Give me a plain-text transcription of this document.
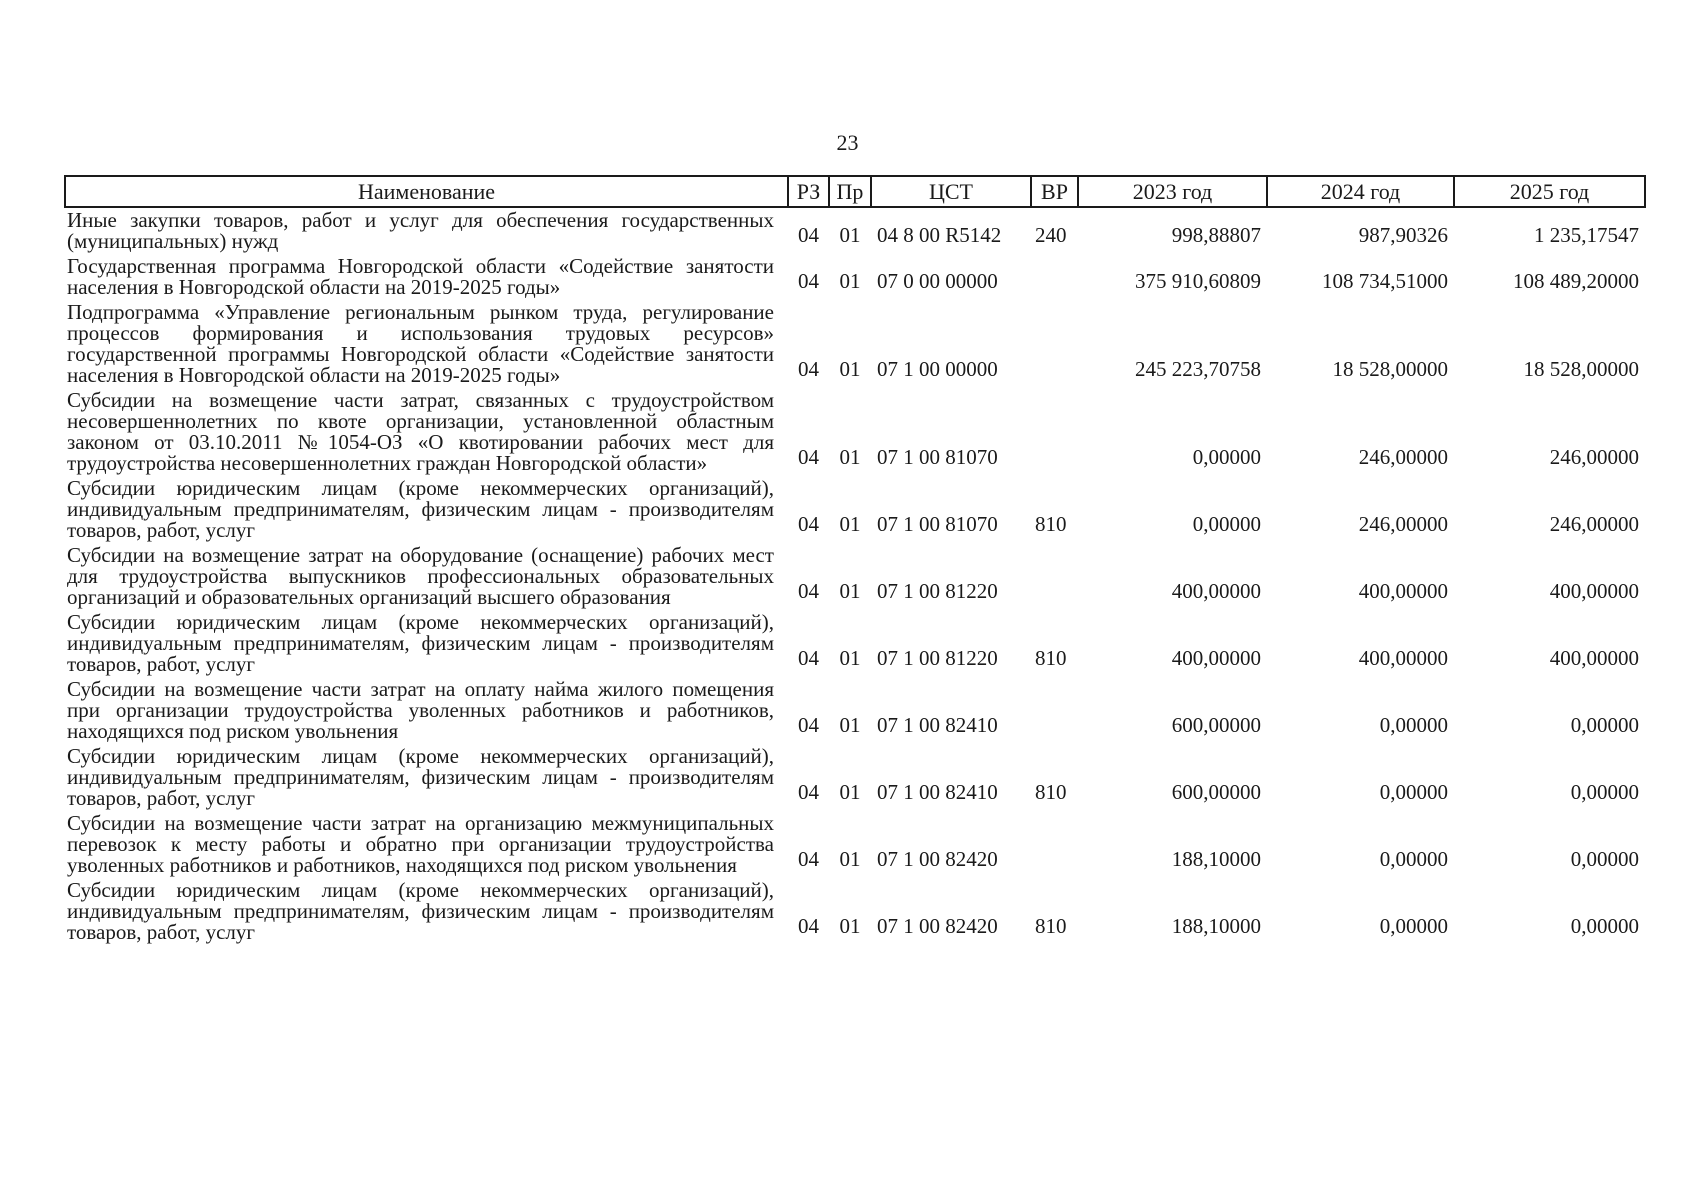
23
Наименование	РЗ	Пр	ЦСТ	ВР	2023 год	2024 год	2025 год
Иные закупки товаров, работ и услуг для обеспечения государственных (муниципальных) нужд	04	01	04 8 00 R5142	240	998,88807	987,90326	1 235,17547
Государственная программа Новгородской области «Содействие занятости населения в Новгородской области на 2019-2025 годы»	04	01	07 0 00 00000		375 910,60809	108 734,51000	108 489,20000
Подпрограмма «Управление региональным рынком труда, регулирование процессов формирования и использования трудовых ресурсов» государственной программы Новгородской области «Содействие занятости населения в Новгородской области на 2019-2025 годы»	04	01	07 1 00 00000		245 223,70758	18 528,00000	18 528,00000
Субсидии на возмещение части затрат, связанных с трудоустройством несовершеннолетних по квоте организации, установленной областным законом от 03.10.2011 №1054-ОЗ «О квотировании рабочих мест для трудоустройства несовершеннолетних граждан Новгородской области»	04	01	07 1 00 81070		0,00000	246,00000	246,00000
Субсидии юридическим лицам (кроме некоммерческих организаций), индивидуальным предпринимателям, физическим лицам - производителям товаров, работ, услуг	04	01	07 1 00 81070	810	0,00000	246,00000	246,00000
Субсидии на возмещение затрат на оборудование (оснащение) рабочих мест для трудоустройства выпускников профессиональных образовательных организаций и образовательных организаций высшего образования	04	01	07 1 00 81220		400,00000	400,00000	400,00000
Субсидии юридическим лицам (кроме некоммерческих организаций), индивидуальным предпринимателям, физическим лицам - производителям товаров, работ, услуг	04	01	07 1 00 81220	810	400,00000	400,00000	400,00000
Субсидии на возмещение части затрат на оплату найма жилого помещения при организации трудоустройства уволенных работников и работников, находящихся под риском увольнения	04	01	07 1 00 82410		600,00000	0,00000	0,00000
Субсидии юридическим лицам (кроме некоммерческих организаций), индивидуальным предпринимателям, физическим лицам - производителям товаров, работ, услуг	04	01	07 1 00 82410	810	600,00000	0,00000	0,00000
Субсидии на возмещение части затрат на организацию межмуниципальных перевозок к месту работы и обратно при организации трудоустройства уволенных работников и работников, находящихся под риском увольнения	04	01	07 1 00 82420		188,10000	0,00000	0,00000
Субсидии юридическим лицам (кроме некоммерческих организаций), индивидуальным предпринимателям, физическим лицам - производителям товаров, работ, услуг	04	01	07 1 00 82420	810	188,10000	0,00000	0,00000
